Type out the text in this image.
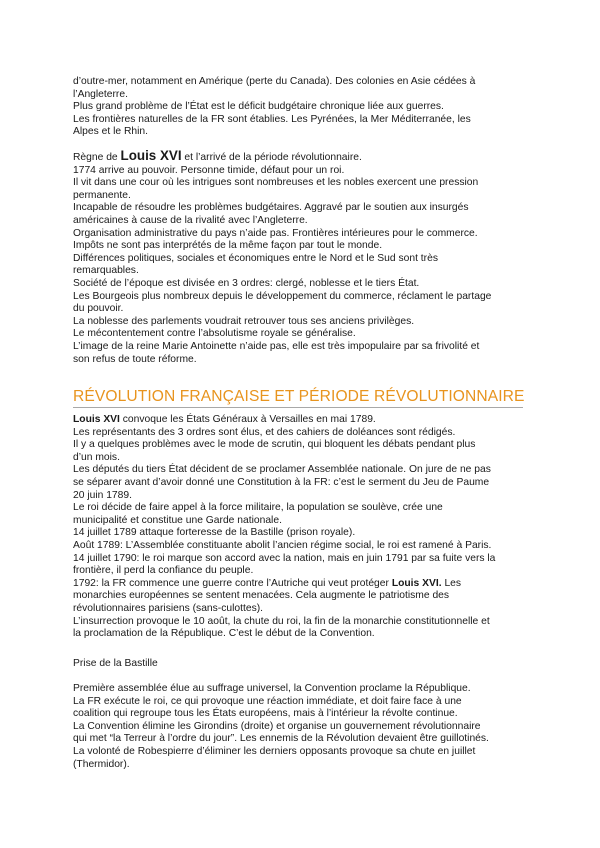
d’outre-mer, notamment en Amérique (perte du Canada). Des colonies en Asie cédées à

l’Angleterre.

Plus grand problème de l’État est le déficit budgétaire chronique liée aux guerres.

Les frontières naturelles de la FR sont établies. Les Pyrénées, la Mer Méditerranée, les

Alpes et le Rhin.

Règne de Louis XVI et l’arrivé de la période révolutionnaire.

1774 arrive au pouvoir. Personne timide, défaut pour un roi.

Il vit dans une cour où les intrigues sont nombreuses et les nobles exercent une pression

permanente.

Incapable de résoudre les problèmes budgétaires. Aggravé par le soutien aux insurgés

américaines à cause de la rivalité avec l’Angleterre.

Organisation administrative du pays n’aide pas. Frontières intérieures pour le commerce.

Impôts ne sont pas interprétés de la même façon par tout le monde.

Différences politiques, sociales et économiques entre le Nord et le Sud sont très

remarquables.

Société de l’époque est divisée en 3 ordres: clergé, noblesse et le tiers État.

Les Bourgeois plus nombreux depuis le développement du commerce, réclament le partage

du pouvoir.

La noblesse des parlements voudrait retrouver tous ses anciens privilèges.

Le mécontentement contre l’absolutisme royale se généralise.

L’image de la reine Marie Antoinette n’aide pas, elle est très impopulaire par sa frivolité et

son refus de toute réforme.

RÉVOLUTION FRANÇAISE ET PÉRIODE RÉVOLUTIONNAIRE

Louis XVI convoque les États Généraux à Versailles en mai 1789.

Les représentants des 3 ordres sont élus, et des cahiers de doléances sont rédigés.

Il y a quelques problèmes avec le mode de scrutin, qui bloquent les débats pendant plus

d’un mois.

Les députés du tiers État décident de se proclamer Assemblée nationale. On jure de ne pas

se séparer avant d’avoir donné une Constitution à la FR: c’est le serment du Jeu de Paume

20 juin 1789.

Le roi décide de faire appel à la force militaire, la population se soulève, crée une

municipalité et constitue une Garde nationale.

14 juillet 1789 attaque forteresse de la Bastille (prison royale).

Août 1789: L’Assemblée constituante abolit l’ancien régime social, le roi est ramené à Paris.

14 juillet 1790: le roi marque son accord avec la nation, mais en juin 1791 par sa fuite vers la

frontière, il perd la confiance du peuple.

1792: la FR commence une guerre contre l’Autriche qui veut protéger Louis XVI. Les

monarchies européennes se sentent menacées. Cela augmente le patriotisme des

révolutionnaires parisiens (sans-culottes).

L’insurrection provoque le 10 août, la chute du roi, la fin de la monarchie constitutionnelle et

la proclamation de la République. C’est le début de la Convention.

Prise de la Bastille

Première assemblée élue au suffrage universel, la Convention proclame la République.

La FR exécute le roi, ce qui provoque une réaction immédiate, et doit faire face à une

coalition qui regroupe tous les États européens, mais à l’intérieur la révolte continue.

La Convention élimine les Girondins (droite) et organise un gouvernement révolutionnaire

qui met “la Terreur à l’ordre du jour”. Les ennemis de la Révolution devaient être guillotinés.

La volonté de Robespierre d’éliminer les derniers opposants provoque sa chute en juillet

(Thermidor).
